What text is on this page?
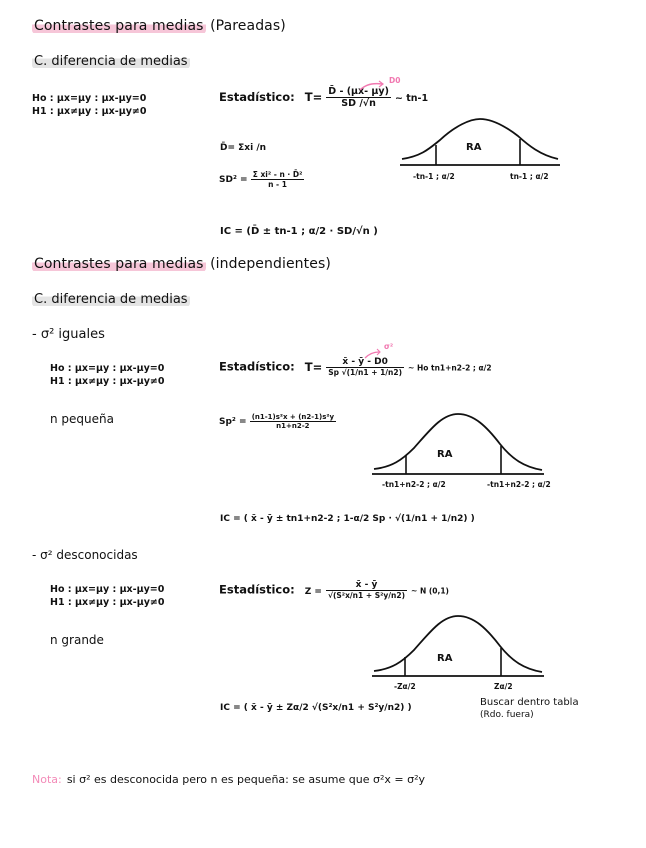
Contrastes para medias (Pareadas)
C. diferencia de medias
Ho : μx=μy : μx-μy=0
H1 : μx≠μy : μx-μy≠0
Estadístico: $T= \frac{D̄ - (\mu x- \mu y)}{SD /√n}$ ~ tn-1
D0
D̄= Σxi /n
$SD^2 = \frac{\text{Σ xi² - n · D̄²}}{n - 1}$
IC = (D̄ ± tn-1 ; α/2 · SD/√n )
RA
-tn-1 ; α/2	tn-1 ; α/2
Contrastes para medias (independientes)
C. diferencia de medias
- σ² iguales
Ho : μx=μy : μx-μy=0
H1 : μx≠μy : μx-μy≠0
n pequeña
Estadístico: $T= \frac{x̄ - ȳ - D0}{Sp √(1/n1 + 1/n2)}$ ~ Ho tn1+n2-2 ; α/2
σ²
$Sp^2 = \frac{\text{(n1-1)s²x + (n2-1)s²y}}{n1+n2-2}$
RA
-tn1+n2-2 ; α/2	-tn1+n2-2 ; α/2
IC = ( x̄ - ȳ ± tn1+n2-2 ; 1-α/2 Sp · √(1/n1 + 1/n2) )
- σ² desconocidas
Ho : μx=μy : μx-μy=0
H1 : μx≠μy : μx-μy≠0
n grande
Estadístico: $Z = \frac{x̄ - ȳ}{\text{√(S²x/n1 + S²y/n2)}}$ ~ N (0,1)
RA
-Zα/2	Zα/2
IC = ( x̄ - ȳ ± Zα/2 √(S²x/n1 + S²y/n2) )	Buscar dentro tabla
(Rdo. fuera)
Nota: si σ² es desconocida pero n es pequeña: se asume que σ²x = σ²y
